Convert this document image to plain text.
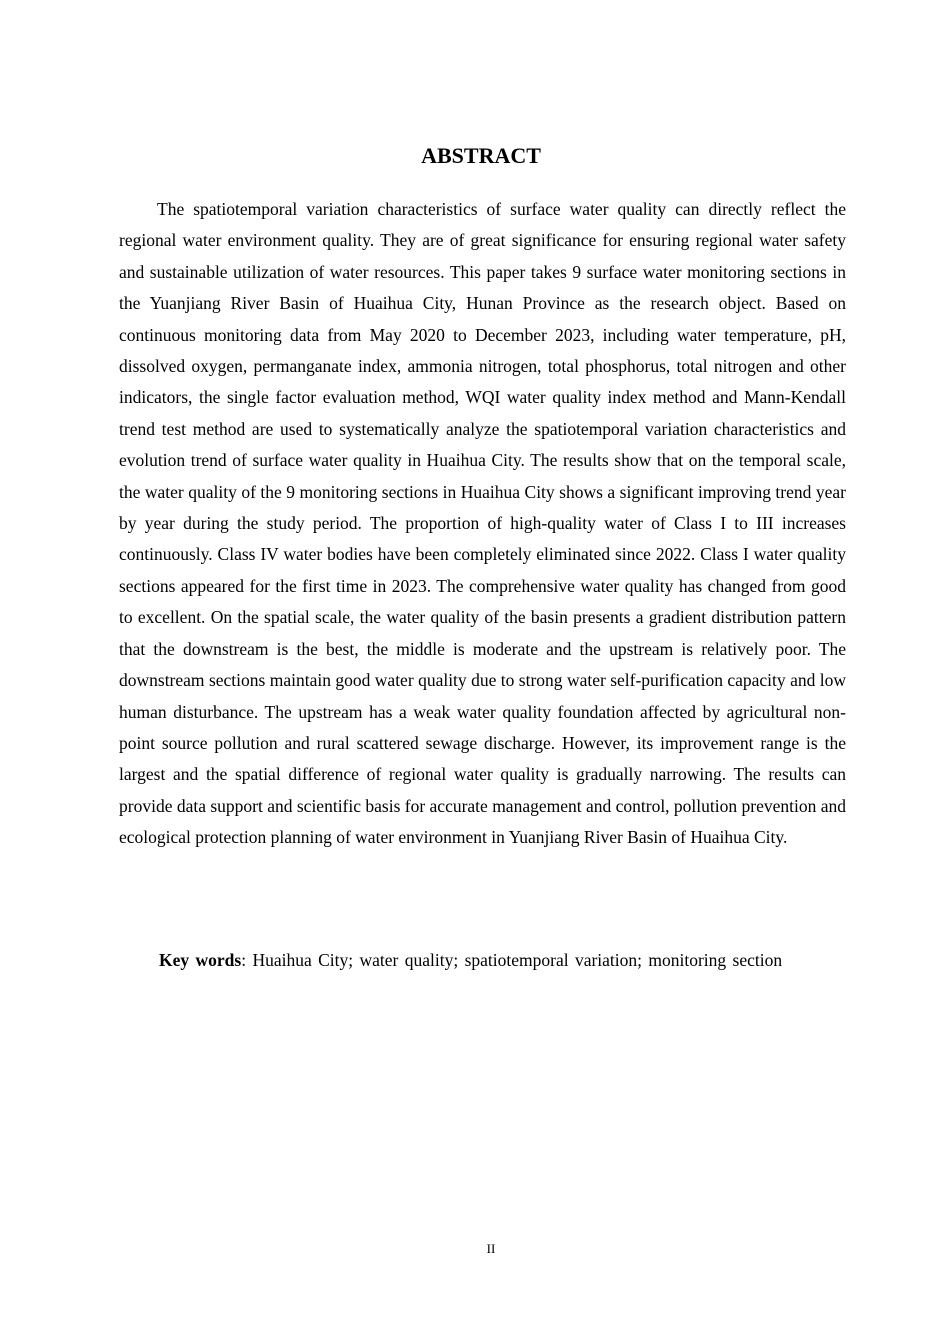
ABSTRACT

The spatiotemporal variation characteristics of surface water quality can directly reflect the regional water environment quality. They are of great significance for ensuring regional water safety and sustainable utilization of water resources. This paper takes 9 surface water monitoring sections in the Yuanjiang River Basin of Huaihua City, Hunan Province as the research object. Based on continuous monitoring data from May 2020 to December 2023, including water temperature, pH, dissolved oxygen, permanganate index, ammonia nitrogen, total phosphorus, total nitrogen and other indicators, the single factor evaluation method, WQI water quality index method and Mann-Kendall trend test method are used to systematically analyze the spatiotemporal variation characteristics and evolution trend of surface water quality in Huaihua City. The results show that on the temporal scale, the water quality of the 9 monitoring sections in Huaihua City shows a significant improving trend year by year during the study period. The proportion of high-quality water of Class I to III increases continuously. Class IV water bodies have been completely eliminated since 2022. Class I water quality sections appeared for the first time in 2023. The comprehensive water quality has changed from good to excellent. On the spatial scale, the water quality of the basin presents a gradient distribution pattern that the downstream is the best, the middle is moderate and the upstream is relatively poor. The downstream sections maintain good water quality due to strong water self-purification capacity and low human disturbance. The upstream has a weak water quality foundation affected by agricultural non-point source pollution and rural scattered sewage discharge. However, its improvement range is the largest and the spatial difference of regional water quality is gradually narrowing. The results can provide data support and scientific basis for accurate management and control, pollution prevention and ecological protection planning of water environment in Yuanjiang River Basin of Huaihua City.

Key words: Huaihua City; water quality; spatiotemporal variation; monitoring section

II
